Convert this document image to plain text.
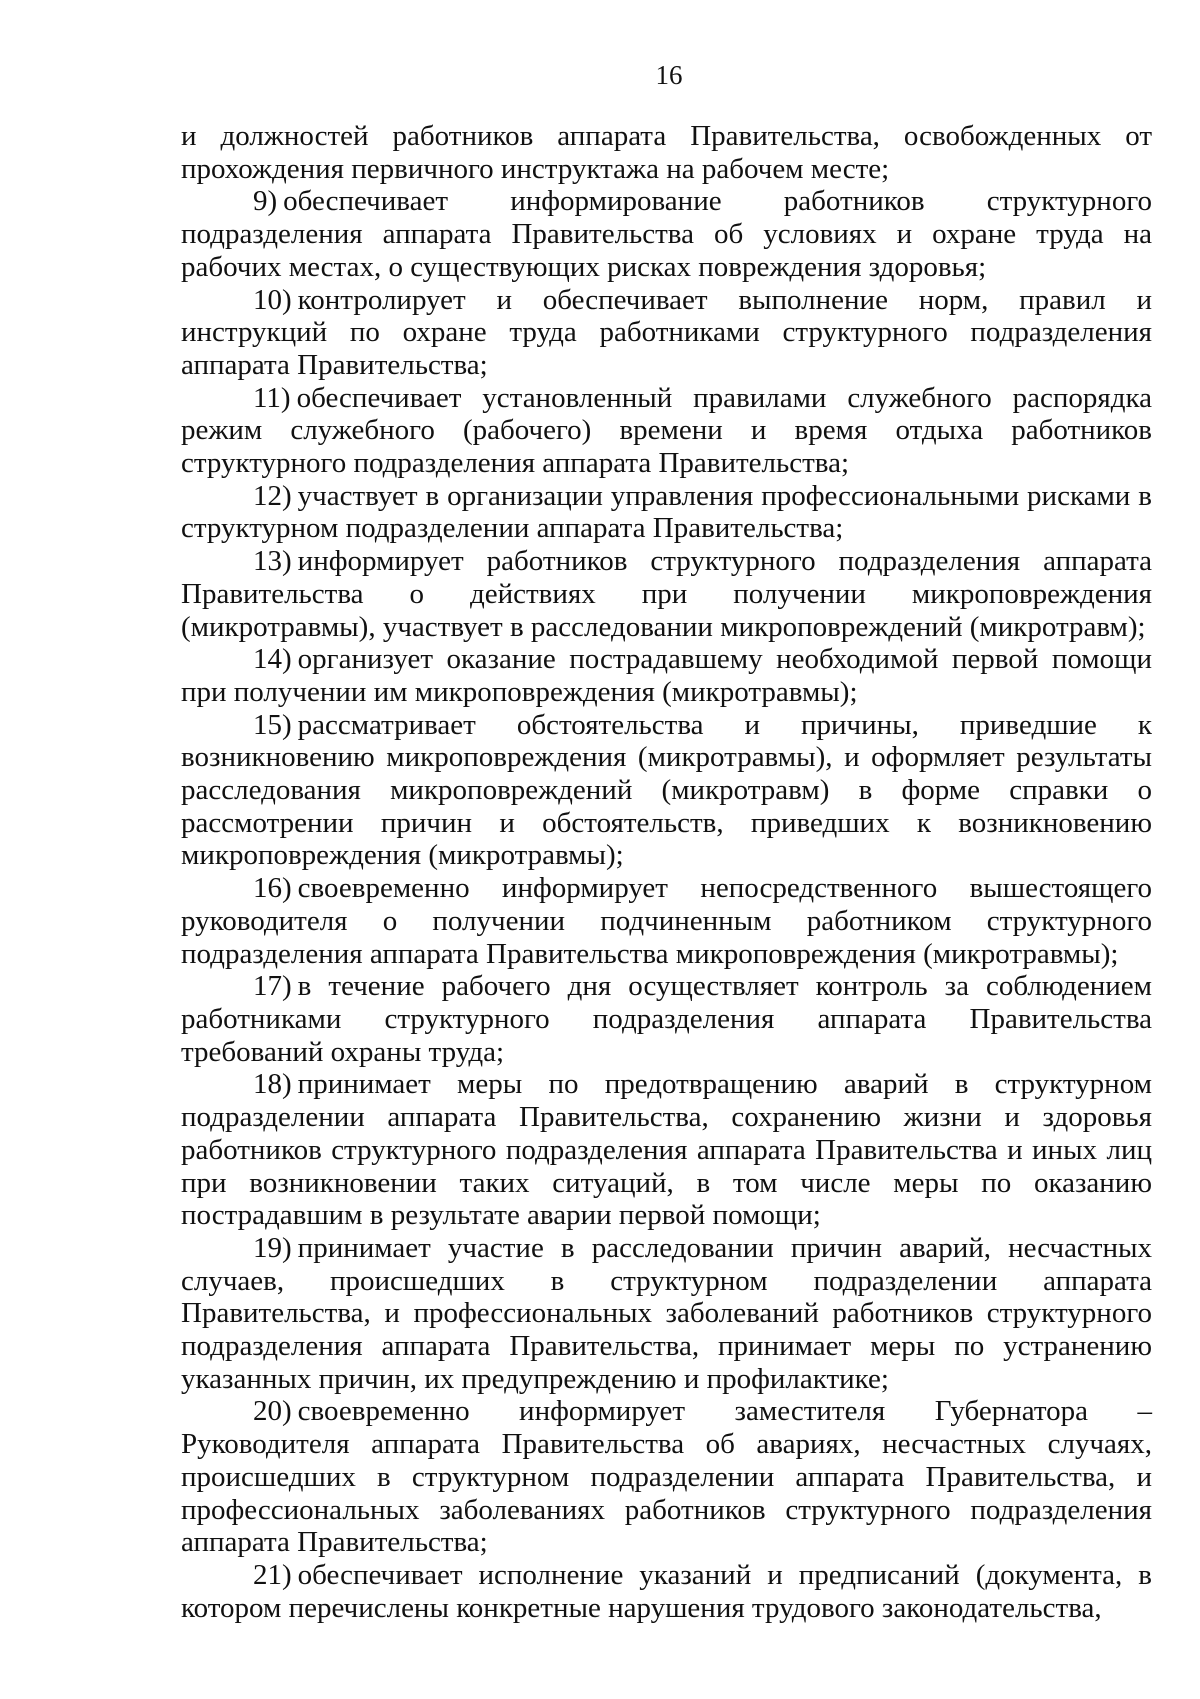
16

и должностей работников аппарата Правительства, освобожденных от прохождения первичного инструктажа на рабочем месте;

9) обеспечивает информирование работников структурного подразделения аппарата Правительства об условиях и охране труда на рабочих местах, о существующих рисках повреждения здоровья;

10) контролирует и обеспечивает выполнение норм, правил и инструкций по охране труда работниками структурного подразделения аппарата Правительства;

11) обеспечивает установленный правилами служебного распорядка режим служебного (рабочего) времени и время отдыха работников структурного подразделения аппарата Правительства;

12) участвует в организации управления профессиональными рисками в структурном подразделении аппарата Правительства;

13) информирует работников структурного подразделения аппарата Правительства о действиях при получении микроповреждения (микротравмы), участвует в расследовании микроповреждений (микротравм);

14) организует оказание пострадавшему необходимой первой помощи при получении им микроповреждения (микротравмы);

15) рассматривает обстоятельства и причины, приведшие к возникновению микроповреждения (микротравмы), и оформляет результаты расследования микроповреждений (микротравм) в форме справки о рассмотрении причин и обстоятельств, приведших к возникновению микроповреждения (микротравмы);

16) своевременно информирует непосредственного вышестоящего руководителя о получении подчиненным работником структурного подразделения аппарата Правительства микроповреждения (микротравмы);

17) в течение рабочего дня осуществляет контроль за соблюдением работниками структурного подразделения аппарата Правительства требований охраны труда;

18) принимает меры по предотвращению аварий в структурном подразделении аппарата Правительства, сохранению жизни и здоровья работников структурного подразделения аппарата Правительства и иных лиц при возникновении таких ситуаций, в том числе меры по оказанию пострадавшим в результате аварии первой помощи;

19) принимает участие в расследовании причин аварий, несчастных случаев, происшедших в структурном подразделении аппарата Правительства, и профессиональных заболеваний работников структурного подразделения аппарата Правительства, принимает меры по устранению указанных причин, их предупреждению и профилактике;

20) своевременно информирует заместителя Губернатора – Руководителя аппарата Правительства об авариях, несчастных случаях, происшедших в структурном подразделении аппарата Правительства, и профессиональных заболеваниях работников структурного подразделения аппарата Правительства;

21) обеспечивает исполнение указаний и предписаний (документа, в котором перечислены конкретные нарушения трудового законодательства,
